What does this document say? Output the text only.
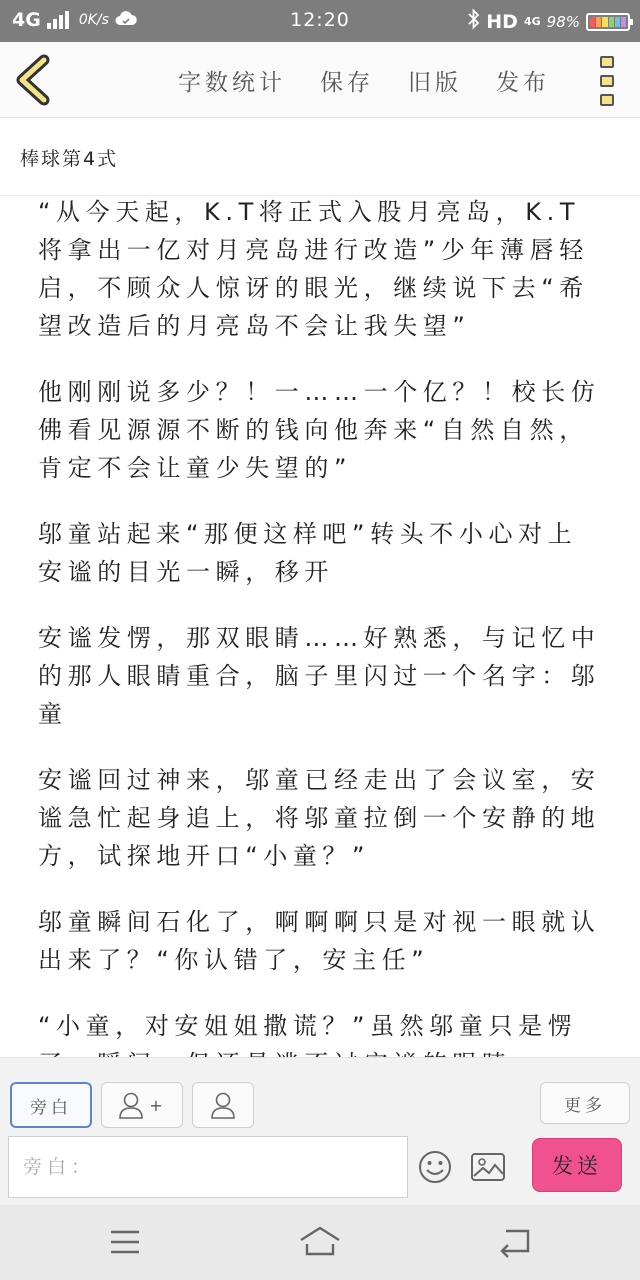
4G	0K/s	12:20	HD 4G 98%
字数统计 保存 旧版 发布
棒球第4式

“从今天起，K.T将正式入股月亮岛，K.T将拿出一亿对月亮岛进行改造”少年薄唇轻启，不顾众人惊讶的眼光，继续说下去“希望改造后的月亮岛不会让我失望”

他刚刚说多少？！一……一个亿？！校长仿佛看见源源不断的钱向他奔来“自然自然，肯定不会让童少失望的”

邬童站起来“那便这样吧”转头不小心对上安谧的目光一瞬，移开

安谧发愣，那双眼睛……好熟悉，与记忆中的那人眼睛重合，脑子里闪过一个名字：邬童

安谧回过神来，邬童已经走出了会议室，安谧急忙起身追上，将邬童拉倒一个安静的地方，试探地开口“小童？”

邬童瞬间石化了，啊啊啊只是对视一眼就认出来了？“你认错了，安主任”

“小童，对安姐姐撒谎？”虽然邬童只是愣

旁白	+	更多
旁白：
发送
